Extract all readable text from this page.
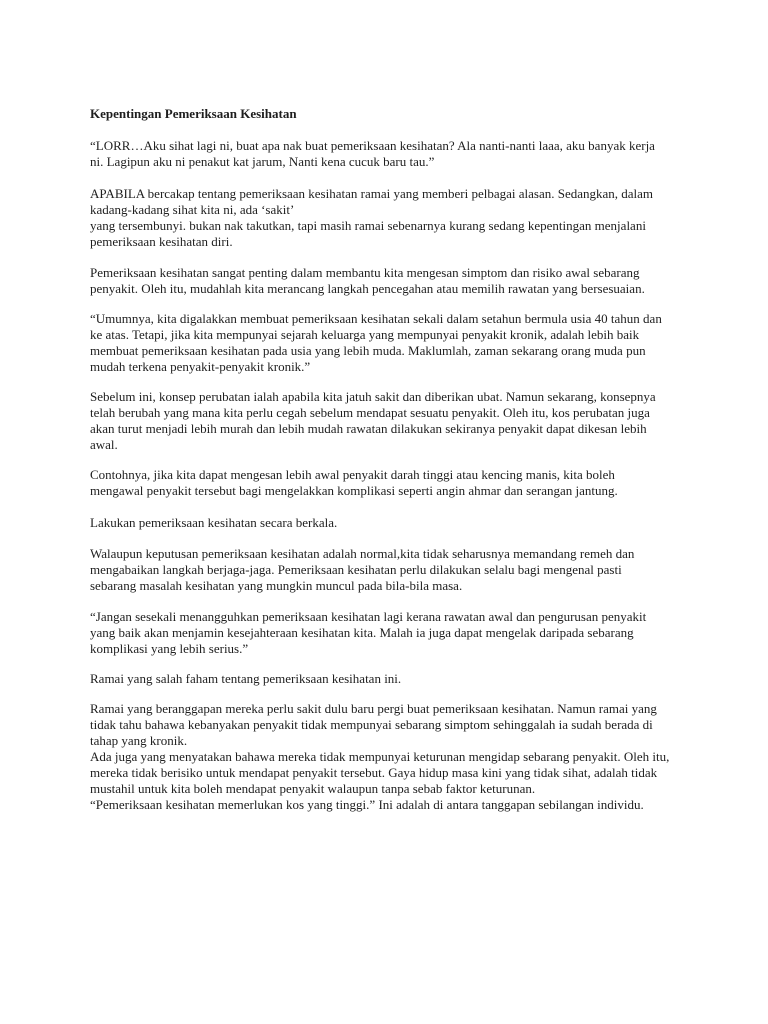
Kepentingan Pemeriksaan Kesihatan
“LORR…Aku sihat lagi ni, buat apa nak buat pemeriksaan kesihatan? Ala nanti-nanti laaa, aku banyak kerja
ni. Lagipun aku ni penakut kat jarum, Nanti kena cucuk baru tau.”
APABILA bercakap tentang pemeriksaan kesihatan ramai yang memberi pelbagai alasan. Sedangkan, dalam
kadang-kadang sihat kita ni, ada ‘sakit’
yang tersembunyi. bukan nak takutkan, tapi masih ramai sebenarnya kurang sedang kepentingan menjalani
pemeriksaan kesihatan diri.
Pemeriksaan kesihatan sangat penting dalam membantu kita mengesan simptom dan risiko awal sebarang
penyakit. Oleh itu, mudahlah kita merancang langkah pencegahan atau memilih rawatan yang bersesuaian.
“Umumnya, kita digalakkan membuat pemeriksaan kesihatan sekali dalam setahun bermula usia 40 tahun dan
ke atas. Tetapi, jika kita mempunyai sejarah keluarga yang mempunyai penyakit kronik, adalah lebih baik
membuat pemeriksaan kesihatan pada usia yang lebih muda. Maklumlah, zaman sekarang orang muda pun
mudah terkena penyakit-penyakit kronik.”
Sebelum ini, konsep perubatan ialah apabila kita jatuh sakit dan diberikan ubat. Namun sekarang, konsepnya
telah berubah yang mana kita perlu cegah sebelum mendapat sesuatu penyakit. Oleh itu, kos perubatan juga
akan turut menjadi lebih murah dan lebih mudah rawatan dilakukan sekiranya penyakit dapat dikesan lebih
awal.
Contohnya, jika kita dapat mengesan lebih awal penyakit darah tinggi atau kencing manis, kita boleh
mengawal penyakit tersebut bagi mengelakkan komplikasi seperti angin ahmar dan serangan jantung.
Lakukan pemeriksaan kesihatan secara berkala.
Walaupun keputusan pemeriksaan kesihatan adalah normal,kita tidak seharusnya memandang remeh dan
mengabaikan langkah berjaga-jaga. Pemeriksaan kesihatan perlu dilakukan selalu bagi mengenal pasti
sebarang masalah kesihatan yang mungkin muncul pada bila-bila masa.
“Jangan sesekali menangguhkan pemeriksaan kesihatan lagi kerana rawatan awal dan pengurusan penyakit
yang baik akan menjamin kesejahteraan kesihatan kita. Malah ia juga dapat mengelak daripada sebarang
komplikasi yang lebih serius.”
Ramai yang salah faham tentang pemeriksaan kesihatan ini.
Ramai yang beranggapan mereka perlu sakit dulu baru pergi buat pemeriksaan kesihatan. Namun ramai yang
tidak tahu bahawa kebanyakan penyakit tidak mempunyai sebarang simptom sehinggalah ia sudah berada di
tahap yang kronik.
Ada juga yang menyatakan bahawa mereka tidak mempunyai keturunan mengidap sebarang penyakit. Oleh itu,
mereka tidak berisiko untuk mendapat penyakit tersebut. Gaya hidup masa kini yang tidak sihat, adalah tidak
mustahil untuk kita boleh mendapat penyakit walaupun tanpa sebab faktor keturunan.
“Pemeriksaan kesihatan memerlukan kos yang tinggi.” Ini adalah di antara tanggapan sebilangan individu.
